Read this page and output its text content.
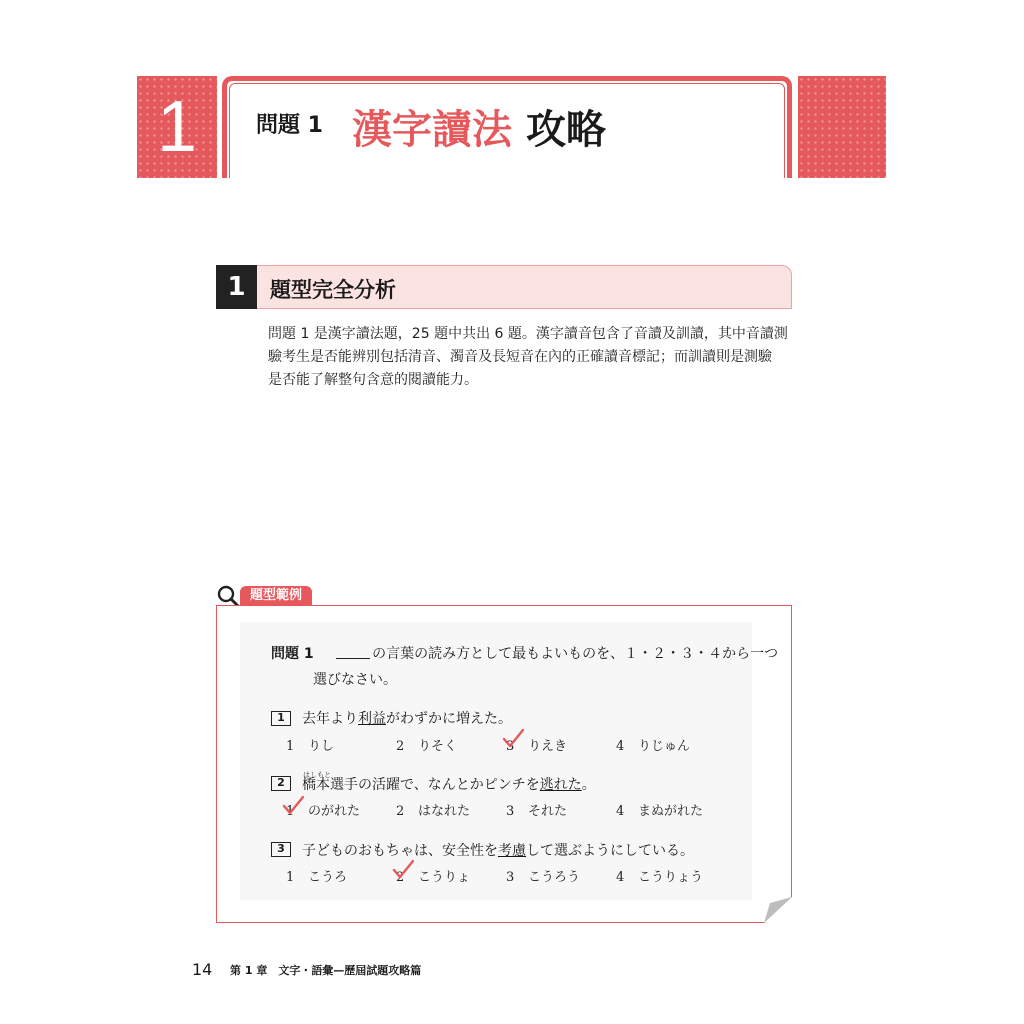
1	問題 1 漢字讀法 攻略
1	題型完全分析

問題 1 是漢字讀法題，25 題中共出 6 題。漢字讀音包含了音讀及訓讀，其中音讀測

驗考生是否能辨別包括清音、濁音及長短音在內的正確讀音標記；而訓讀則是測驗

是否能了解整句含意的閱讀能力。

題型範例
問題 1	の言葉の読み方として最もよいものを、１・２・３・４から一つ
選びなさい。
1	去年より利益がわずかに増えた。
1 りし	2 りそく	3 りえき	4 りじゅん
はしもと
2	橋本選手の活躍で、なんとかピンチを逃れた。
1 のがれた	2 はなれた	3 それた	4 まぬがれた
3	子どものおもちゃは、安全性を考慮して選ぶようにしている。
1 こうろ	2 こうりょ	3 こうろう	4 こうりょう
14 第 1 章　文字・語彙—歷屆試題攻略篇
